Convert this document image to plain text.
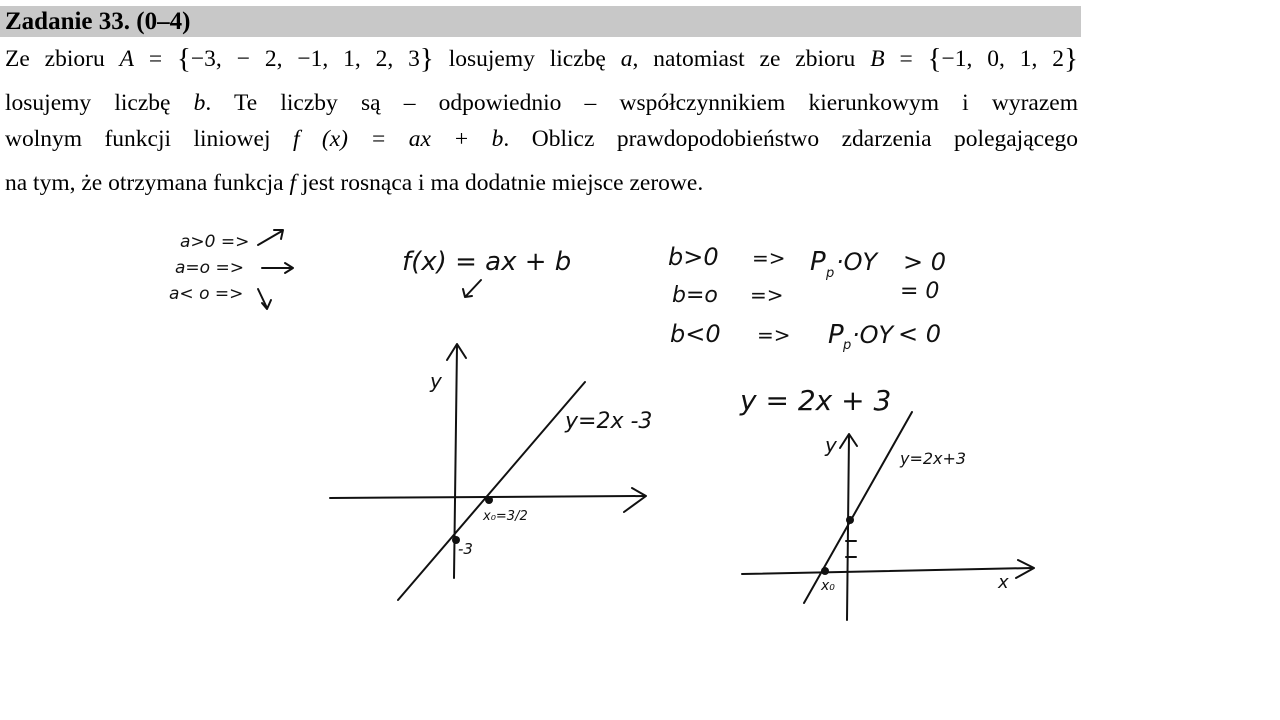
Zadanie 33. (0–4)
Ze zbioru A = {−3, − 2, −1, 1, 2, 3} losujemy liczbę a, natomiast ze zbioru B = {−1, 0, 1, 2}
losujemy liczbę b. Te liczby są – odpowiednio – współczynnikiem kierunkowym i wyrazem
wolnym funkcji liniowej f (x) = ax + b. Oblicz prawdopodobieństwo zdarzenia polegającego
na tym, że otrzymana funkcja f jest rosnąca i ma dodatnie miejsce zerowe.
a>0 =>
a=o =>
a< o =>
f(x) = ax + b	b>0 => P p ·OY > 0
b=o =>	= 0
b<0 => P p ·OY < 0
y = 2x + 3
y
y=2x -3
x₀=3/2
-3
y
x
y=2x+3
x₀
